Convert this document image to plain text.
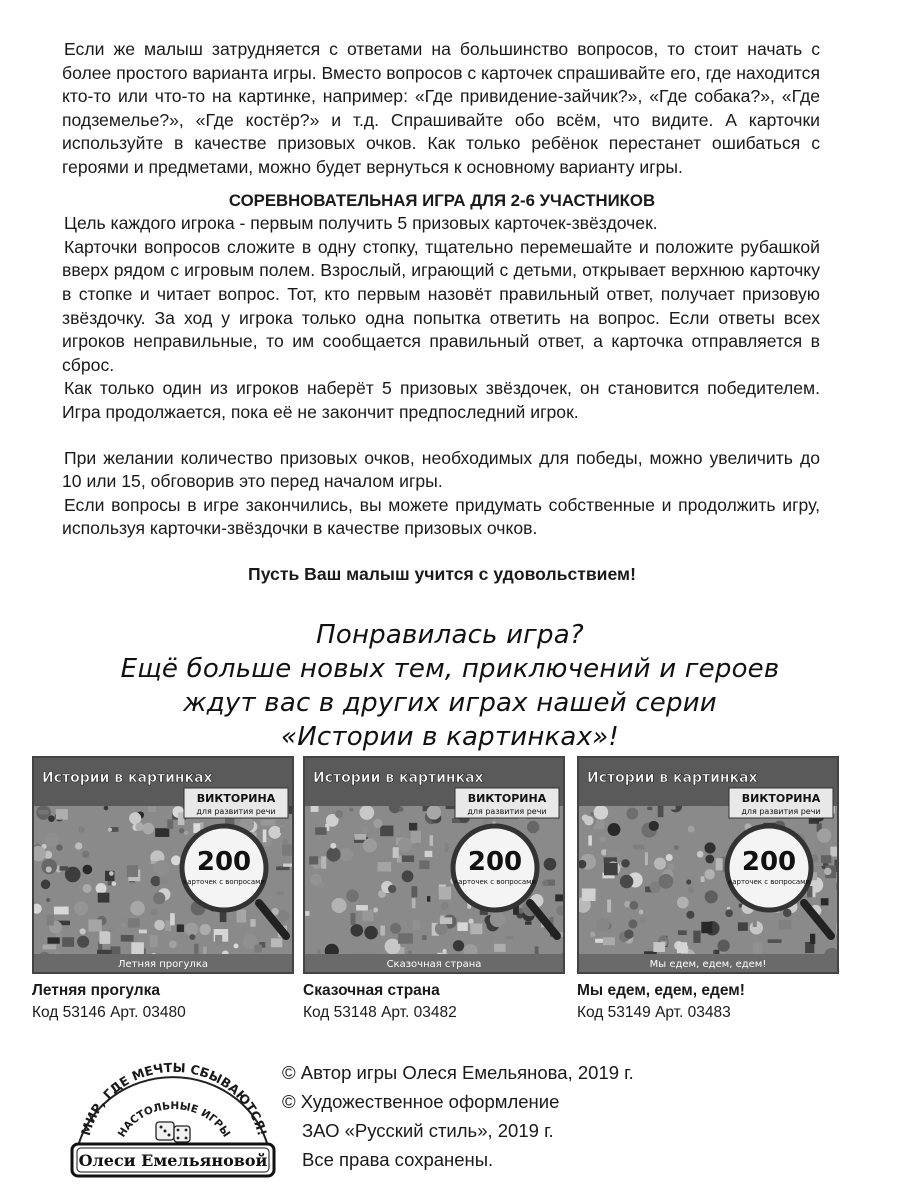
Если же малыш затрудняется с ответами на большинство вопросов, то стоит начать с более простого варианта игры. Вместо вопросов с карточек спрашивайте его, где находится кто-то или что-то на картинке, например: «Где привидение-зайчик?», «Где собака?», «Где подземелье?», «Где костёр?» и т.д. Спрашивайте обо всём, что видите. А карточки используйте в качестве призовых очков. Как только ребёнок перестанет ошибаться с героями и предметами, можно будет вернуться к основному варианту игры.

СОРЕВНОВАТЕЛЬНАЯ ИГРА ДЛЯ 2-6 УЧАСТНИКОВ

Цель каждого игрока - первым получить 5 призовых карточек-звёздочек.

Карточки вопросов сложите в одну стопку, тщательно перемешайте и положите рубашкой вверх рядом с игровым полем. Взрослый, играющий с детьми, открывает верхнюю карточку в стопке и читает вопрос. Тот, кто первым назовёт правильный ответ, получает призовую звёздочку. За ход у игрока только одна попытка ответить на вопрос. Если ответы всех игроков неправильные, то им сообщается правильный ответ, а карточка отправляется в сброс.

Как только один из игроков наберёт 5 призовых звёздочек, он становится победителем. Игра продолжается, пока её не закончит предпоследний игрок.

При желании количество призовых очков, необходимых для победы, можно увеличить до 10 или 15, обговорив это перед началом игры.

Если вопросы в игре закончились, вы можете придумать собственные и продолжить игру, используя карточки-звёздочки в качестве призовых очков.

Пусть Ваш малыш учится с удовольствием!

Понравилась игра?
Ещё больше новых тем, приключений и героев
ждут вас в других играх нашей серии
«Истории в картинках»!
Истории в картинках
ВИКТОРИНА
для развития речи
200
карточек с вопросами
Летняя прогулка
Истории в картинках
ВИКТОРИНА
для развития речи
200
карточек с вопросами
Сказочная страна
Истории в картинках
ВИКТОРИНА
для развития речи
200
карточек с вопросами
Мы едем, едем, едем!
Летняя прогулка
Код 53146 Арт. 03480
Сказочная страна
Код 53148 Арт. 03482
Мы едем, едем, едем!
Код 53149 Арт. 03483
МИР, ГДЕ МЕЧТЫ СБЫВАЮТСЯ!
НАСТОЛЬНЫЕ ИГРЫ
Олеси Емельяновой
© Автор игры Олеся Емельянова, 2019 г.
© Художественное оформление
ЗАО «Русский стиль», 2019 г.
Все права сохранены.
